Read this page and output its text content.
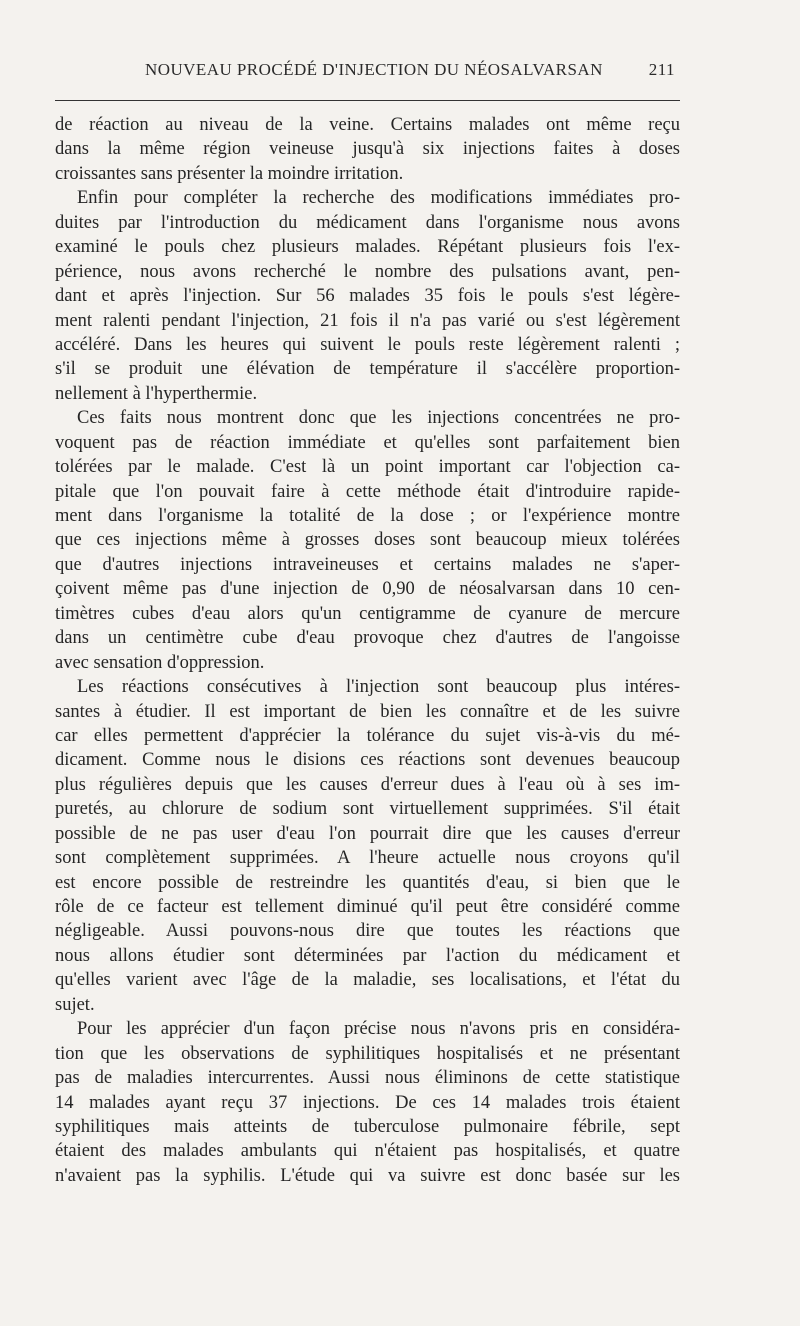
NOUVEAU PROCÉDÉ D'INJECTION DU NÉOSALVARSAN	211
de réaction au niveau de la veine. Certains malades ont même reçu
dans la même région veineuse jusqu'à six injections faites à doses
croissantes sans présenter la moindre irritation.
Enfin pour compléter la recherche des modifications immédiates pro-
duites par l'introduction du médicament dans l'organisme nous avons
examiné le pouls chez plusieurs malades. Répétant plusieurs fois l'ex-
périence, nous avons recherché le nombre des pulsations avant, pen-
dant et après l'injection. Sur 56 malades 35 fois le pouls s'est légère-
ment ralenti pendant l'injection, 21 fois il n'a pas varié ou s'est légèrement
accéléré. Dans les heures qui suivent le pouls reste légèrement ralenti ;
s'il se produit une élévation de température il s'accélère proportion-
nellement à l'hyperthermie.
Ces faits nous montrent donc que les injections concentrées ne pro-
voquent pas de réaction immédiate et qu'elles sont parfaitement bien
tolérées par le malade. C'est là un point important car l'objection ca-
pitale que l'on pouvait faire à cette méthode était d'introduire rapide-
ment dans l'organisme la totalité de la dose ; or l'expérience montre
que ces injections même à grosses doses sont beaucoup mieux tolérées
que d'autres injections intraveineuses et certains malades ne s'aper-
çoivent même pas d'une injection de 0,90 de néosalvarsan dans 10 cen-
timètres cubes d'eau alors qu'un centigramme de cyanure de mercure
dans un centimètre cube d'eau provoque chez d'autres de l'angoisse
avec sensation d'oppression.
Les réactions consécutives à l'injection sont beaucoup plus intéres-
santes à étudier. Il est important de bien les connaître et de les suivre
car elles permettent d'apprécier la tolérance du sujet vis-à-vis du mé-
dicament. Comme nous le disions ces réactions sont devenues beaucoup
plus régulières depuis que les causes d'erreur dues à l'eau où à ses im-
puretés, au chlorure de sodium sont virtuellement supprimées. S'il était
possible de ne pas user d'eau l'on pourrait dire que les causes d'erreur
sont complètement supprimées. A l'heure actuelle nous croyons qu'il
est encore possible de restreindre les quantités d'eau, si bien que le
rôle de ce facteur est tellement diminué qu'il peut être considéré comme
négligeable. Aussi pouvons-nous dire que toutes les réactions que
nous allons étudier sont déterminées par l'action du médicament et
qu'elles varient avec l'âge de la maladie, ses localisations, et l'état du
sujet.
Pour les apprécier d'un façon précise nous n'avons pris en considéra-
tion que les observations de syphilitiques hospitalisés et ne présentant
pas de maladies intercurrentes. Aussi nous éliminons de cette statistique
14 malades ayant reçu 37 injections. De ces 14 malades trois étaient
syphilitiques mais atteints de tuberculose pulmonaire fébrile, sept
étaient des malades ambulants qui n'étaient pas hospitalisés, et quatre
n'avaient pas la syphilis. L'étude qui va suivre est donc basée sur les
